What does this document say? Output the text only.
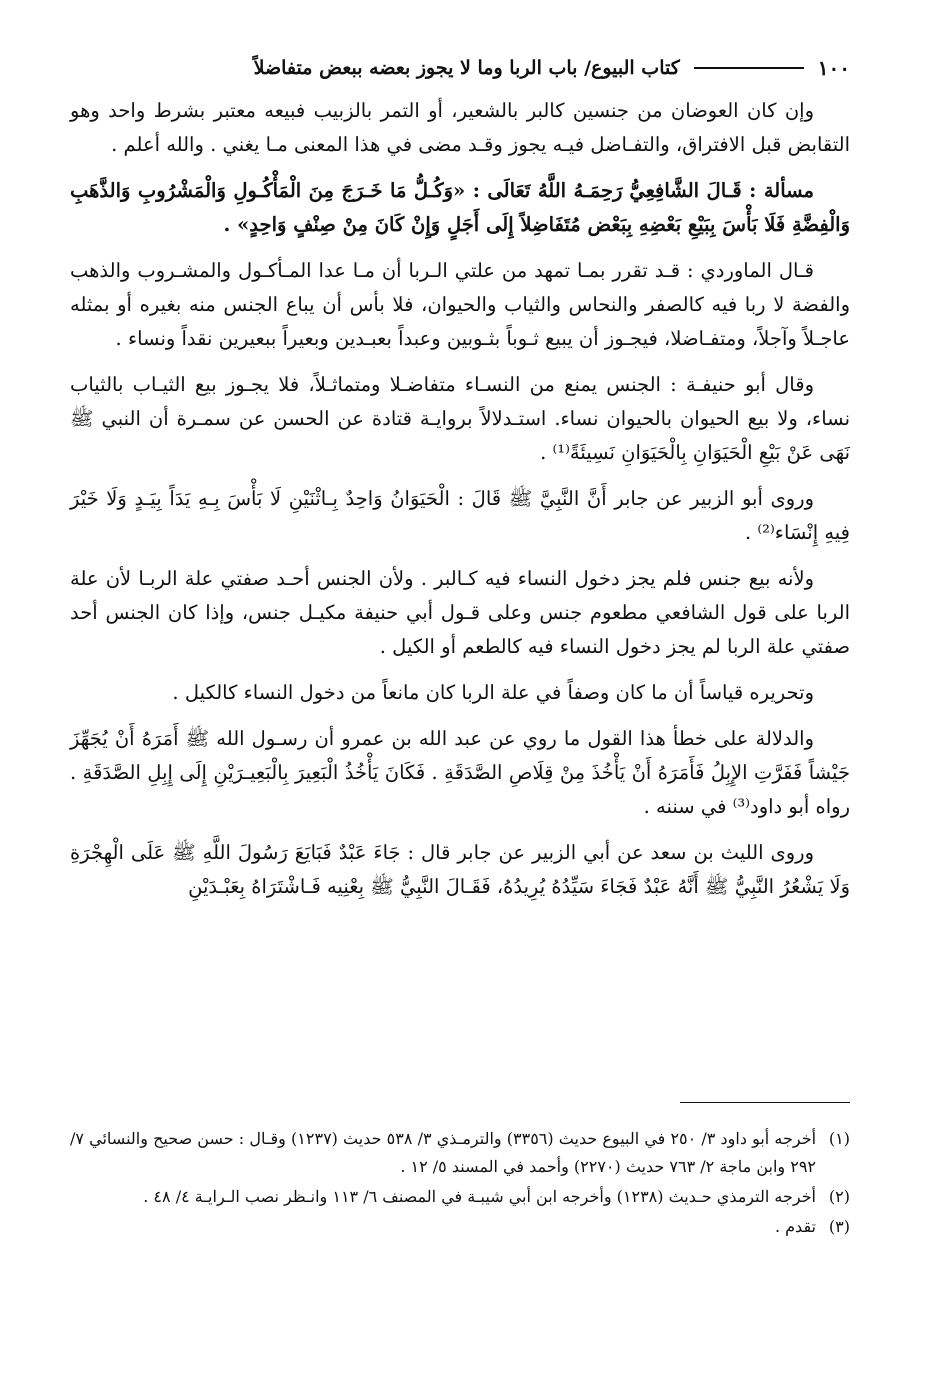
١٠٠
كتاب البيوع/ باب الربا وما لا يجوز بعضه ببعض متفاضلاً

وإن كان العوضان من جنسين كالبر بالشعير، أو التمر بالزبيب فبيعه معتبر بشرط واحد وهو التقابض قبل الافتراق، والتفـاضل فيـه يجوز وقـد مضى في هذا المعنى مـا يغني . والله أعلم .

مسألة : قَـالَ الشَّافِعِيُّ رَحِمَـهُ اللَّهُ تَعَالَى : «وَكُـلُّ مَا خَـرَجَ مِنَ الْمَأْكُـولِ وَالْمَشْرُوبِ وَالذَّهَبِ وَالْفِضَّةِ فَلَا بَأْسَ بِبَيْعِ بَعْضِهِ بِبَعْض مُتَفَاضِلاً إِلَى أَجَلٍ وَإِنْ كَانَ مِنْ صِنْفٍ وَاحِدٍ» .

قـال الماوردي : قـد تقرر بمـا تمهد من علتي الـربا أن مـا عدا المـأكـول والمشـروب والذهب والفضة لا ربا فيه كالصفر والنحاس والثياب والحيوان، فلا بأس أن يباع الجنس منه بغيره أو بمثله عاجـلاً وآجلاً، ومتفـاضلا، فيجـوز أن يبيع ثـوباً بثـوبين وعبداً بعبـدين وبعيراً ببعيرين نقداً ونساء .

وقال أبو حنيفـة : الجنس يمنع من النسـاء متفاضـلا ومتماثـلاً، فلا يجـوز بيع الثيـاب بالثياب نساء، ولا بيع الحيوان بالحيوان نساء. استـدلالاً بروايـة قتادة عن الحسن عن سمـرة أن النبي ﷺ نَهَى عَنْ بَيْعِ الْحَيَوَانِ بِالْحَيَوَانِ نَسِيئَةً⁽¹⁾ .

وروى أبو الزبير عن جابر أَنَّ النَّبِيَّ ﷺ قَالَ : الْحَيَوَانُ وَاحِدٌ بِـاثْنَيْنِ لَا بَأْسَ بِـهِ يَدَاً بِيَـدٍ وَلَا خَيْرَ فِيهِ إِنْسَاء⁽²⁾ .

ولأنه بيع جنس فلم يجز دخول النساء فيه كـالبر . ولأن الجنس أحـد صفتي علة الربـا لأن علة الربا على قول الشافعي مطعوم جنس وعلى قـول أبي حنيفة مكيـل جنس، وإذا كان الجنس أحد صفتي علة الربا لم يجز دخول النساء فيه كالطعم أو الكيل .

وتحريره قياساً أن ما كان وصفاً في علة الربا كان مانعاً من دخول النساء كالكيل .

والدلالة على خطأ هذا القول ما روي عن عبد الله بن عمرو أن رسـول الله ﷺ أَمَرَهُ أَنْ يُجَهِّزَ جَيْشاً فَفَرَّتِ الإِبِلُ فَأَمَرَهُ أَنْ يَأْخُذَ مِنْ قِلَاصِ الصَّدَقَةِ . فَكَانَ يَأْخُذُ الْبَعِيرَ بِالْبَعِيـرَيْنِ إِلَى إِبِلِ الصَّدَقَةِ . رواه أبو داود⁽³⁾ في سننه .

وروى الليث بن سعد عن أبي الزبير عن جابر قال : جَاءَ عَبْدٌ فَبَايَعَ رَسُولَ اللَّهِ ﷺ عَلَى الْهِجْرَةِ وَلَا يَشْعُرُ النَّبِيُّ ﷺ أَنَّهُ عَبْدٌ فَجَاءَ سَيِّدُهُ يُرِيدُهُ، فَقَـالَ النَّبِيُّ ﷺ بِعْنِيه فَـاشْتَرَاهُ بِعَبْـدَيْنِ

(١)
أخرجه أبو داود ٣/ ٢٥٠ في البيوع حديث (٣٣٥٦) والترمـذي ٣/ ٥٣٨ حديث (١٢٣٧) وقـال : حسن صحيح والنسائي ٧/ ٢٩٢ وابن ماجة ٢/ ٧٦٣ حديث (٢٢٧٠) وأحمد في المسند ٥/ ١٢ .
(٢)
أخرجه الترمذي حـديث (١٢٣٨) وأخرجه ابن أبي شيبـة في المصنف ٦/ ١١٣ وانـظر نصب الـرايـة ٤/ ٤٨ .
(٣)
تقدم .
